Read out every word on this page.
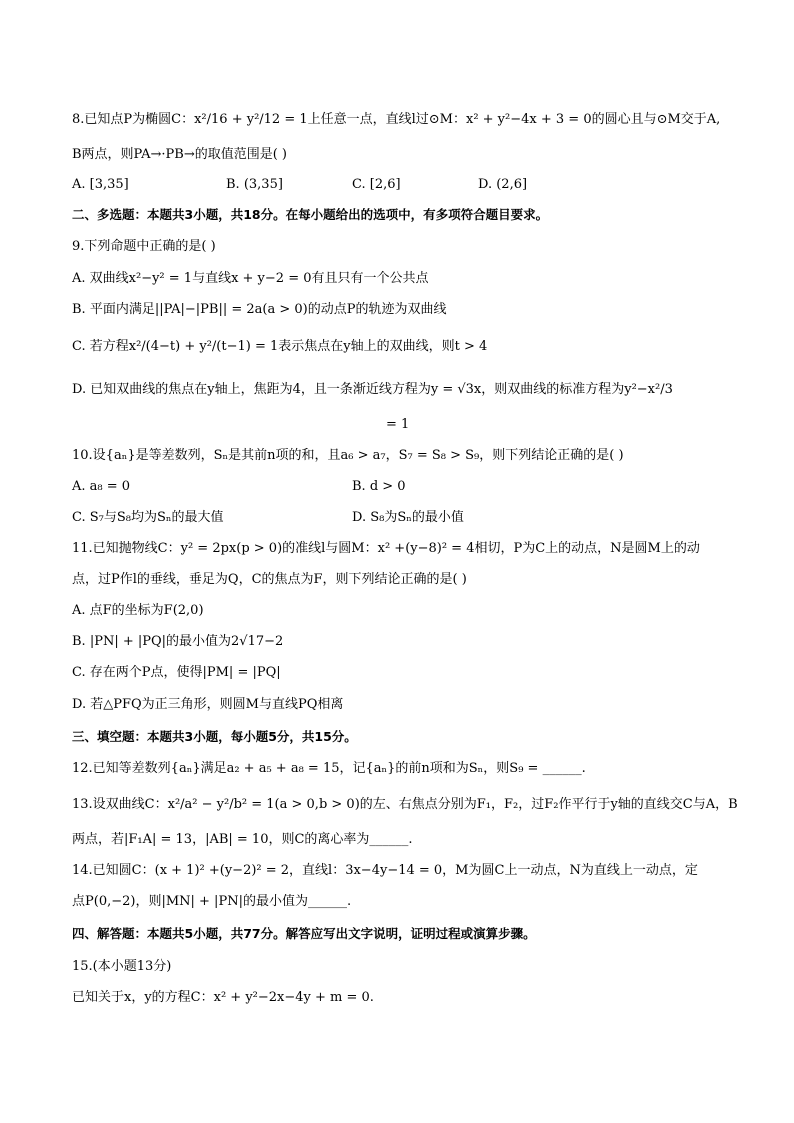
8.已知点P为椭圆C：x²/16 + y²/12 = 1上任意一点，直线l过⊙M：x² + y²−4x + 3 = 0的圆心且与⊙M交于A,
B两点，则PA→·PB→的取值范围是( )
A. [3,35]	B. (3,35]	C. [2,6]	D. (2,6]
二、多选题：本题共3小题，共18分。在每小题给出的选项中，有多项符合题目要求。
9.下列命题中正确的是( )
A. 双曲线x²−y² = 1与直线x + y−2 = 0有且只有一个公共点
B. 平面内满足||PA|−|PB|| = 2a(a > 0)的动点P的轨迹为双曲线
C. 若方程x²/(4−t) + y²/(t−1) = 1表示焦点在y轴上的双曲线，则t > 4
D. 已知双曲线的焦点在y轴上，焦距为4，且一条渐近线方程为y = √3x，则双曲线的标准方程为y²−x²/3
= 1
10.设{aₙ}是等差数列，Sₙ是其前n项的和，且a₆ > a₇，S₇ = S₈ > S₉，则下列结论正确的是( )
A. a₈ = 0	B. d > 0
C. S₇与S₈均为Sₙ的最大值	D. S₈为Sₙ的最小值
11.已知抛物线C：y² = 2px(p > 0)的准线l与圆M：x² +(y−8)² = 4相切，P为C上的动点，N是圆M上的动
点，过P作l的垂线，垂足为Q，C的焦点为F，则下列结论正确的是( )
A. 点F的坐标为F(2,0)
B. |PN| + |PQ|的最小值为2√17−2
C. 存在两个P点，使得|PM| = |PQ|
D. 若△PFQ为正三角形，则圆M与直线PQ相离
三、填空题：本题共3小题，每小题5分，共15分。
12.已知等差数列{aₙ}满足a₂ + a₅ + a₈ = 15，记{aₙ}的前n项和为Sₙ，则S₉ = ______.
13.设双曲线C：x²/a² − y²/b² = 1(a > 0,b > 0)的左、右焦点分别为F₁，F₂，过F₂作平行于y轴的直线交C与A，B
两点，若|F₁A| = 13，|AB| = 10，则C的离心率为______.
14.已知圆C：(x + 1)² +(y−2)² = 2，直线l：3x−4y−14 = 0，M为圆C上一动点，N为直线上一动点，定
点P(0,−2)，则|MN| + |PN|的最小值为______.
四、解答题：本题共5小题，共77分。解答应写出文字说明，证明过程或演算步骤。
15.(本小题13分)
已知关于x，y的方程C：x² + y²−2x−4y + m = 0.
